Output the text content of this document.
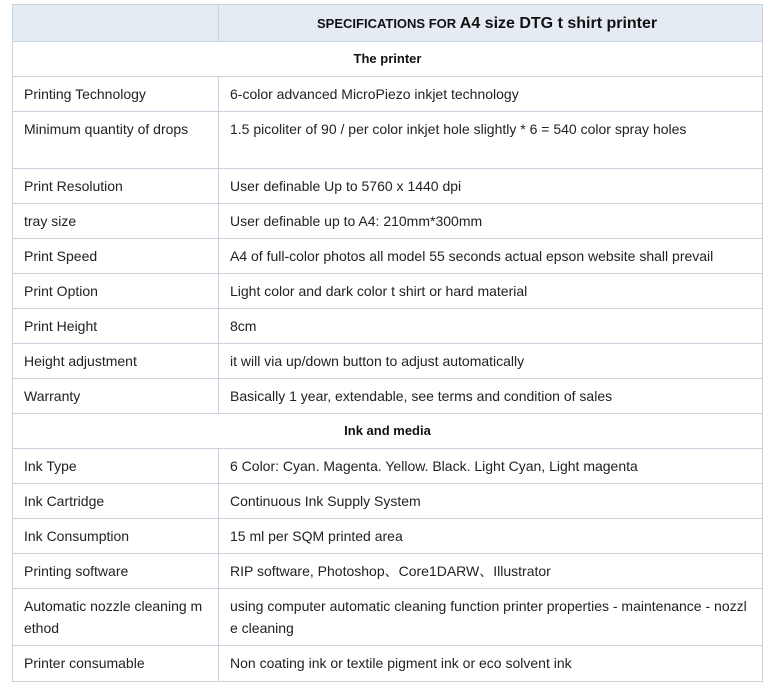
	SPECIFICATIONS FOR A4 size DTG t shirt printer
The printer	
Printing Technology	6-color advanced MicroPiezo inkjet technology
Minimum quantity of drops	1.5 picoliter of 90 / per color inkjet hole slightly * 6 = 540 color spray holes
Print Resolution	User definable Up to 5760 x 1440 dpi
tray size	User definable up to A4: 210mm*300mm
Print Speed	A4 of full-color photos all model 55 seconds actual epson website shall prevail
Print Option	Light color and dark color t shirt or hard material
Print Height	8cm
Height adjustment	it will via up/down button to adjust automatically
Warranty	Basically 1 year, extendable, see terms and condition of sales
Ink and media	
Ink Type	6 Color: Cyan. Magenta. Yellow. Black. Light Cyan, Light magenta
Ink Cartridge	Continuous Ink Supply System
Ink Consumption	15 ml per SQM printed area
Printing software	RIP software, Photoshop、Core1DARW、Illustrator
Automatic nozzle cleaning method	using computer automatic cleaning function printer properties - maintenance - nozzle cleaning
Printer consumable	Non coating ink or textile pigment ink or eco solvent ink
